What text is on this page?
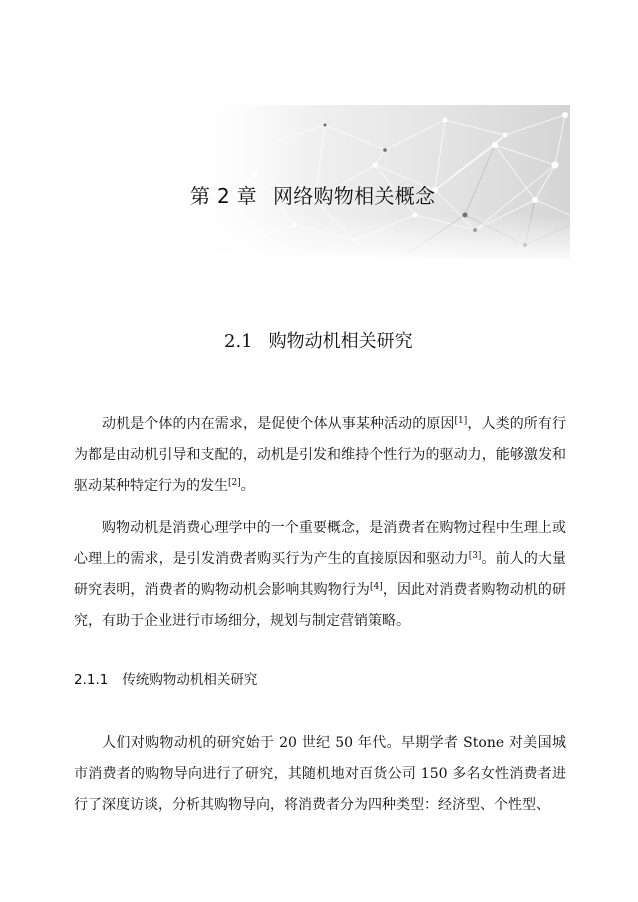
第 2 章 网络购物相关概念
2.1 购物动机相关研究

动机是个体的内在需求，是促使个体从事某种活动的原因[1]，人类的所有行为都是由动机引导和支配的，动机是引发和维持个性行为的驱动力，能够激发和驱动某种特定行为的发生[2]。

购物动机是消费心理学中的一个重要概念，是消费者在购物过程中生理上或心理上的需求，是引发消费者购买行为产生的直接原因和驱动力[3]。前人的大量研究表明，消费者的购物动机会影响其购物行为[4]，因此对消费者购物动机的研究，有助于企业进行市场细分，规划与制定营销策略。

2.1.1 传统购物动机相关研究

人们对购物动机的研究始于 20 世纪 50 年代。早期学者 Stone 对美国城市消费者的购物导向进行了研究，其随机地对百货公司 150 多名女性消费者进行了深度访谈，分析其购物导向，将消费者分为四种类型：经济型、个性型、
